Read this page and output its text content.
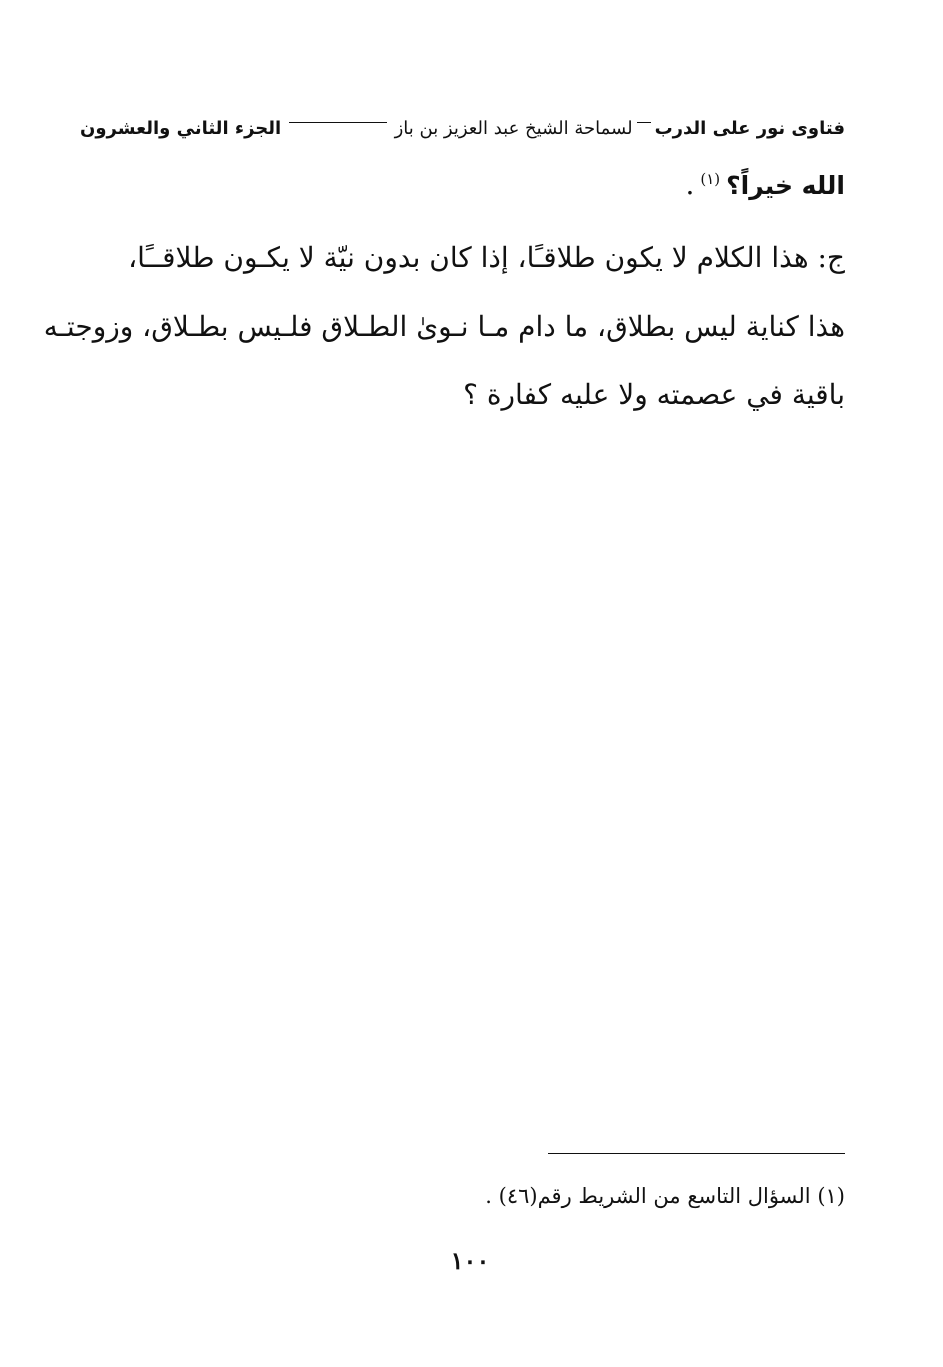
فتاوى نور على الدرب
لسماحة الشيخ عبد العزيز بن باز
الجزء الثاني والعشرون
الله خيراً؟$^{(١)}$.
ج: هذا الكلام لا يكون طلاقـًا، إذا كان بدون نيّة لا يكـون طلاقــًا،
هذا كناية ليس بطلاق، ما دام مـا نـوىٰ الطـلاق فلـيس بطـلاق، وزوجتـه
باقية في عصمته ولا عليه كفارة ؟
(١) السؤال التاسع من الشريط رقم(٤٦) .
١٠٠
